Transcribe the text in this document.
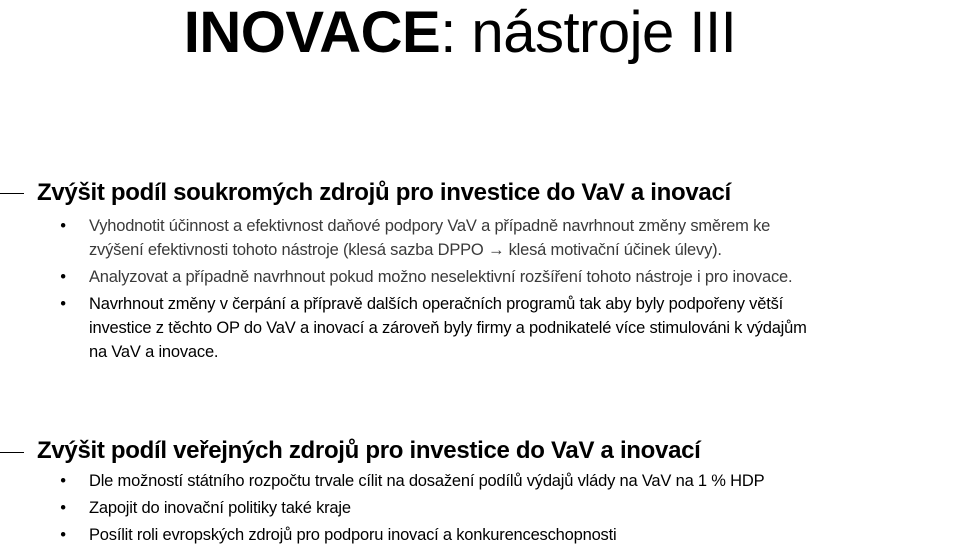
INOVACE: nástroje III
Zvýšit podíl soukromých zdrojů pro investice do VaV a inovací
• Vyhodnotit účinnost a efektivnost daňové podpory VaV a případně navrhnout změny směrem ke
zvýšení efektivnosti tohoto nástroje (klesá sazba DPPO → klesá motivační účinek úlevy).
• Analyzovat a případně navrhnout pokud možno neselektivní rozšíření tohoto nástroje i pro inovace.
• Navrhnout změny v čerpání a přípravě dalších operačních programů tak aby byly podpořeny větší
investice z těchto OP do VaV a inovací a zároveň byly firmy a podnikatelé více stimulováni k výdajům
na VaV a inovace.
Zvýšit podíl veřejných zdrojů pro investice do VaV a inovací
• Dle možností státního rozpočtu trvale cílit na dosažení podílů výdajů vlády na VaV na 1 % HDP
• Zapojit do inovační politiky také kraje
• Posílit roli evropských zdrojů pro podporu inovací a konkurenceschopnosti
